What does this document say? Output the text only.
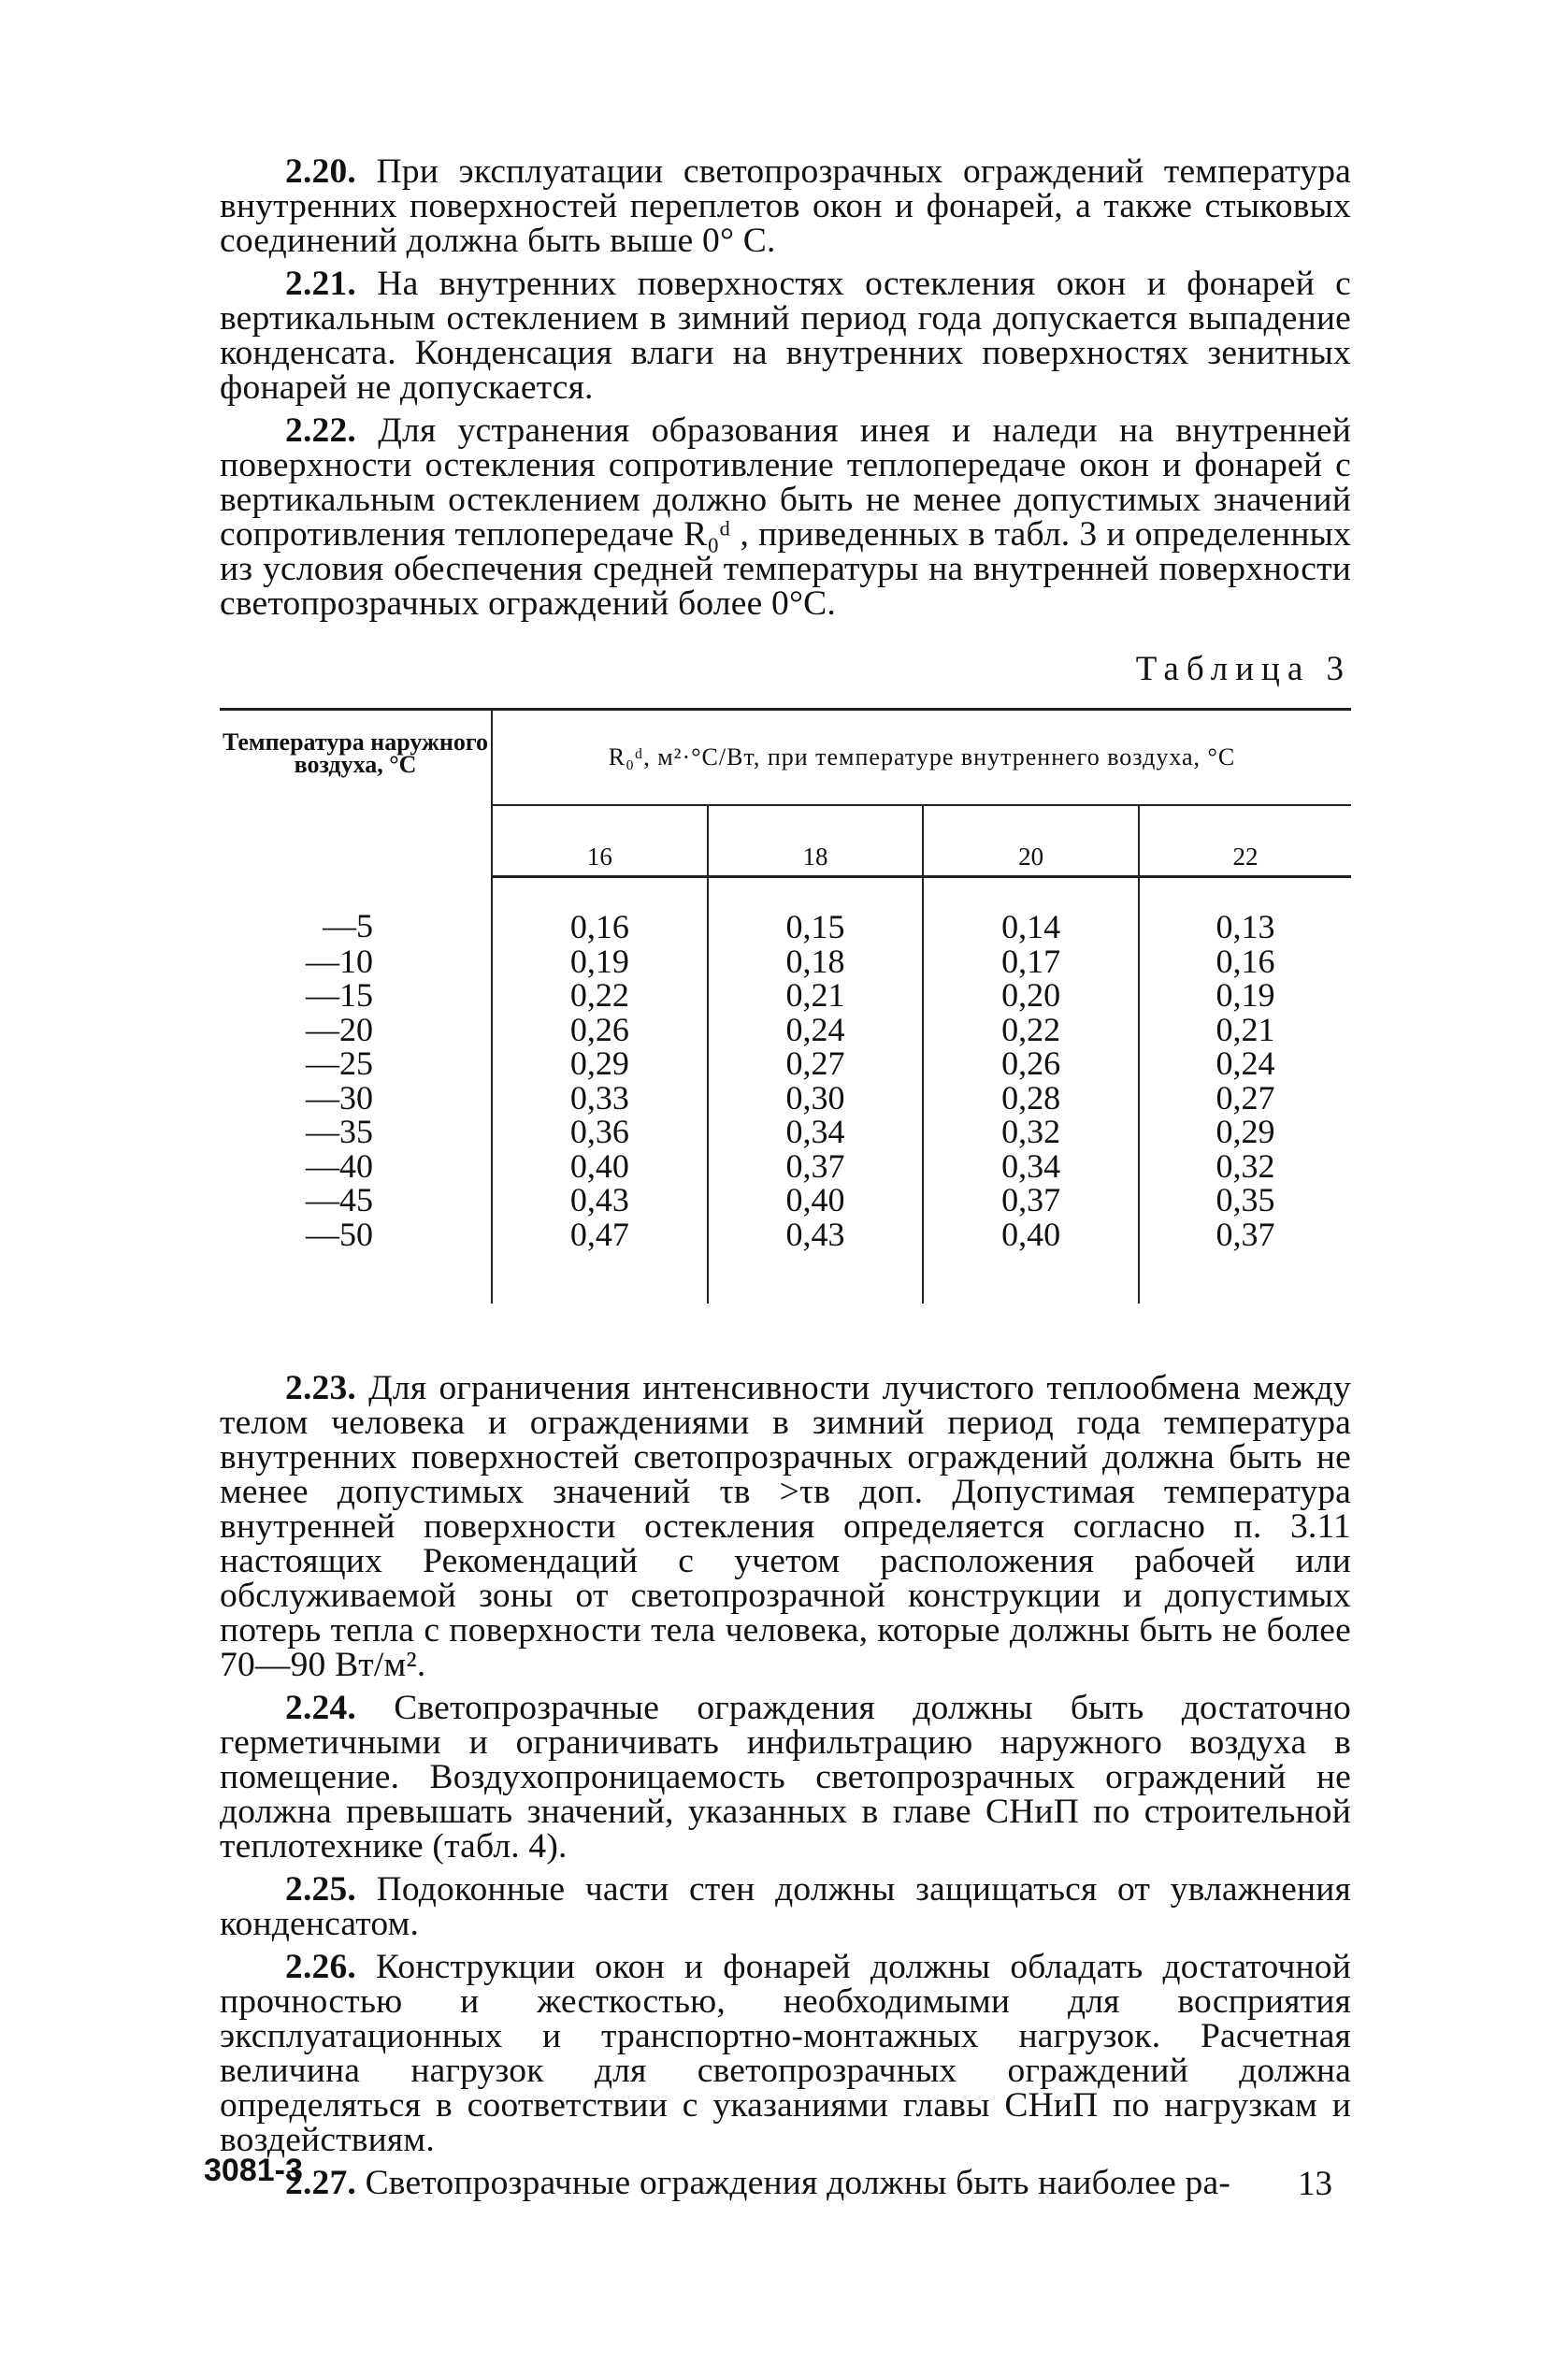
2.20. При эксплуатации светопрозрачных ограждений температура внутренних поверхностей переплетов окон и фонарей, а также стыковых соединений должна быть выше 0° С.

2.21. На внутренних поверхностях остекления окон и фонарей с вертикальным остеклением в зимний период года допускается выпадение конденсата. Конденсация влаги на внутренних поверхностях зенитных фонарей не допускается.

2.22. Для устранения образования инея и наледи на внутренней поверхности остекления сопротивление теплопередаче окон и фонарей с вертикальным остеклением должно быть не менее допустимых значений сопротивления теплопередаче R₀ᵈ , приведенных в табл. 3 и определенных из условия обеспечения средней температуры на внутренней поверхности светопрозрачных ограждений более 0°С.

Таблица 3
Температура наружного воздуха, °С	R₀ᵈ, м²·°С/Вт, при температуре внутреннего воздуха, °С			
	16	18	20	22
—5	0,16	0,15	0,14	0,13
—10	0,19	0,18	0,17	0,16
—15	0,22	0,21	0,20	0,19
—20	0,26	0,24	0,22	0,21
—25	0,29	0,27	0,26	0,24
—30	0,33	0,30	0,28	0,27
—35	0,36	0,34	0,32	0,29
—40	0,40	0,37	0,34	0,32
—45	0,43	0,40	0,37	0,35
—50	0,47	0,43	0,40	0,37

2.23. Для ограничения интенсивности лучистого теплообмена между телом человека и ограждениями в зимний период года температура внутренних поверхностей светопрозрачных ограждений должна быть не менее допустимых значений τв >τв доп. Допустимая температура внутренней поверхности остекления определяется согласно п. 3.11 настоящих Рекомендаций с учетом расположения рабочей или обслуживаемой зоны от светопрозрачной конструкции и допустимых потерь тепла с поверхности тела человека, которые должны быть не более 70—90 Вт/м².

2.24. Светопрозрачные ограждения должны быть достаточно герметичными и ограничивать инфильтрацию наружного воздуха в помещение. Воздухопроницаемость светопрозрачных ограждений не должна превышать значений, указанных в главе СНиП по строительной теплотехнике (табл. 4).

2.25. Подоконные части стен должны защищаться от увлажнения конденсатом.

2.26. Конструкции окон и фонарей должны обладать достаточной прочностью и жесткостью, необходимыми для восприятия эксплуатационных и транспортно-монтажных нагрузок. Расчетная величина нагрузок для светопрозрачных ограждений должна определяться в соответствии с указаниями главы СНиП по нагрузкам и воздействиям.

2.27. Светопрозрачные ограждения должны быть наиболее ра-

3081-3	13
